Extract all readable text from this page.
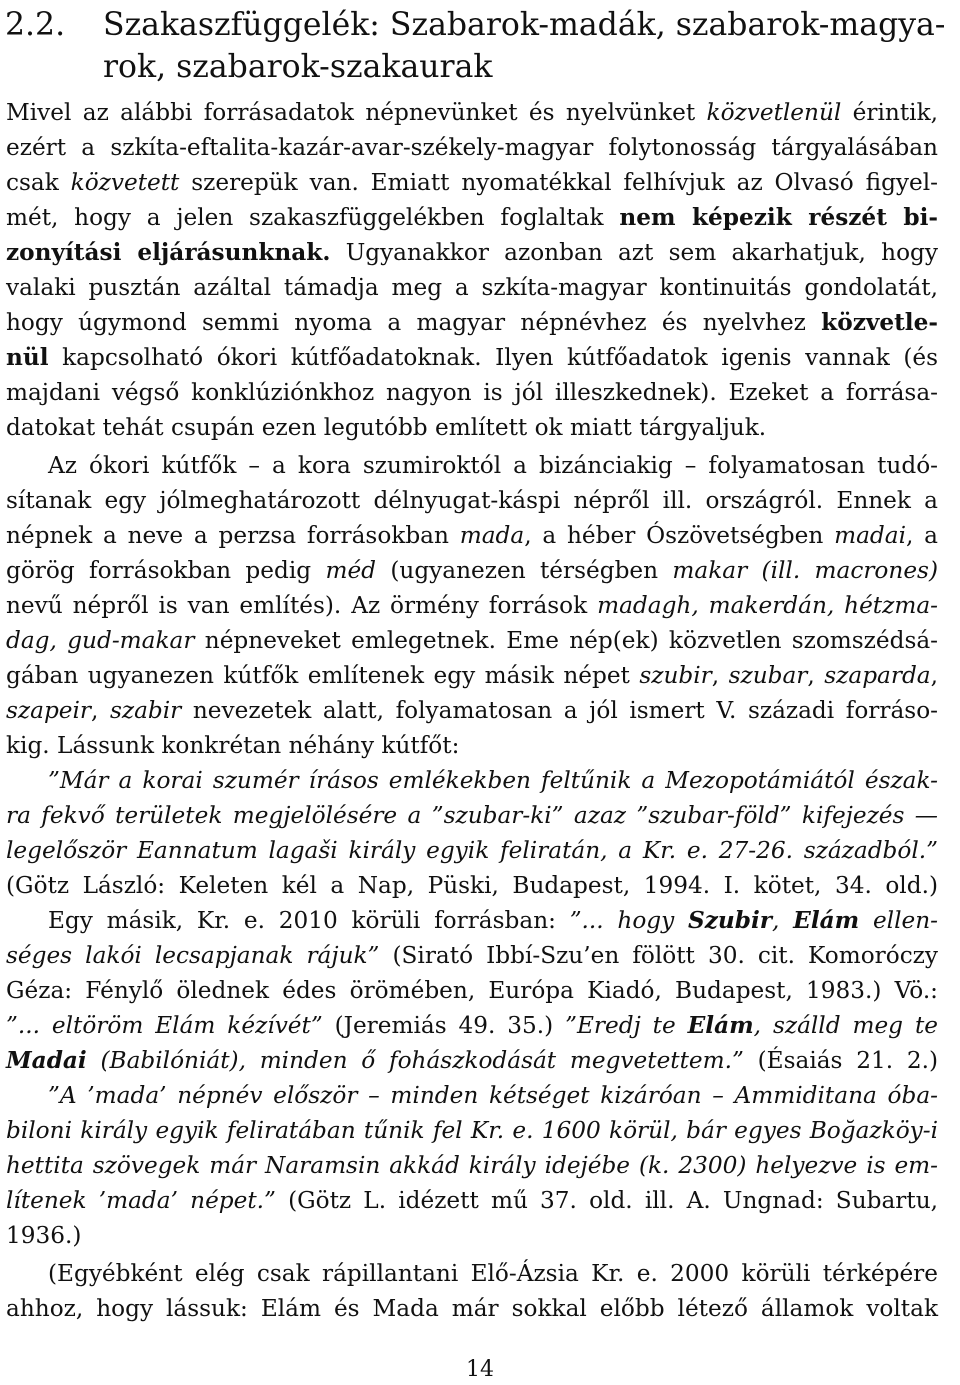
2.2. Szakaszfüggelék: Szabarok-madák, szabarok-magya-
rok, szabarok-szakaurak
Mivel az alábbi forrásadatok népnevünket és nyelvünket közvetlenül érintik,
ezért a szkíta-eftalita-kazár-avar-székely-magyar folytonosság tárgyalásában
csak közvetett szerepük van. Emiatt nyomatékkal felhívjuk az Olvasó figyel-
mét, hogy a jelen szakaszfüggelékben foglaltak nem képezik részét bi-
zonyítási eljárásunknak. Ugyanakkor azonban azt sem akarhatjuk, hogy
valaki pusztán azáltal támadja meg a szkíta-magyar kontinuitás gondolatát,
hogy úgymond semmi nyoma a magyar népnévhez és nyelvhez közvetle-
nül kapcsolható ókori kútfőadatoknak. Ilyen kútfőadatok igenis vannak (és
majdani végső konklúziónkhoz nagyon is jól illeszkednek). Ezeket a forrása-
datokat tehát csupán ezen legutóbb említett ok miatt tárgyaljuk.
Az ókori kútfők – a kora szumiroktól a bizánciakig – folyamatosan tudó-
sítanak egy jólmeghatározott délnyugat-káspi népről ill. országról. Ennek a
népnek a neve a perzsa forrásokban mada, a héber Ószövetségben madai, a
görög forrásokban pedig méd (ugyanezen térségben makar (ill. macrones)
nevű népről is van említés). Az örmény források madagh, makerdán, hétzma-
dag, gud-makar népneveket emlegetnek. Eme nép(ek) közvetlen szomszédsá-
gában ugyanezen kútfők említenek egy másik népet szubir, szubar, szaparda,
szapeir, szabir nevezetek alatt, folyamatosan a jól ismert V. századi forráso-
kig. Lássunk konkrétan néhány kútfőt:
”Már a korai szumér írásos emlékekben feltűnik a Mezopotámiától észak-
ra fekvő területek megjelölésére a ”szubar-ki” azaz ”szubar-föld” kifejezés —
legelőször Eannatum lagaši király egyik feliratán, a Kr. e. 27-26. századból.”
(Götz László: Keleten kél a Nap, Püski, Budapest, 1994. I. kötet, 34. old.)
Egy másik, Kr. e. 2010 körüli forrásban: ”... hogy Szubir, Elám ellen-
séges lakói lecsapjanak rájuk” (Sirató Ibbí-Szu’en fölött 30. cit. Komoróczy
Géza: Fénylő ölednek édes örömében, Európa Kiadó, Budapest, 1983.) Vö.:
”... eltöröm Elám kézívét” (Jeremiás 49. 35.) ”Eredj te Elám, szálld meg te
Madai (Babilóniát), minden ő fohászkodását megvetettem.” (Ésaiás 21. 2.)
”A ’mada’ népnév először – minden kétséget kizáróan – Ammiditana óba-
biloni király egyik feliratában tűnik fel Kr. e. 1600 körül, bár egyes Boğazköy-i
hettita szövegek már Naramsin akkád király idejébe (k. 2300) helyezve is em-
lítenek ’mada’ népet.” (Götz L. idézett mű 37. old. ill. A. Ungnad: Subartu,
1936.)
(Egyébként elég csak rápillantani Elő-Ázsia Kr. e. 2000 körüli térképére
ahhoz, hogy lássuk: Elám és Mada már sokkal előbb létező államok voltak
14
